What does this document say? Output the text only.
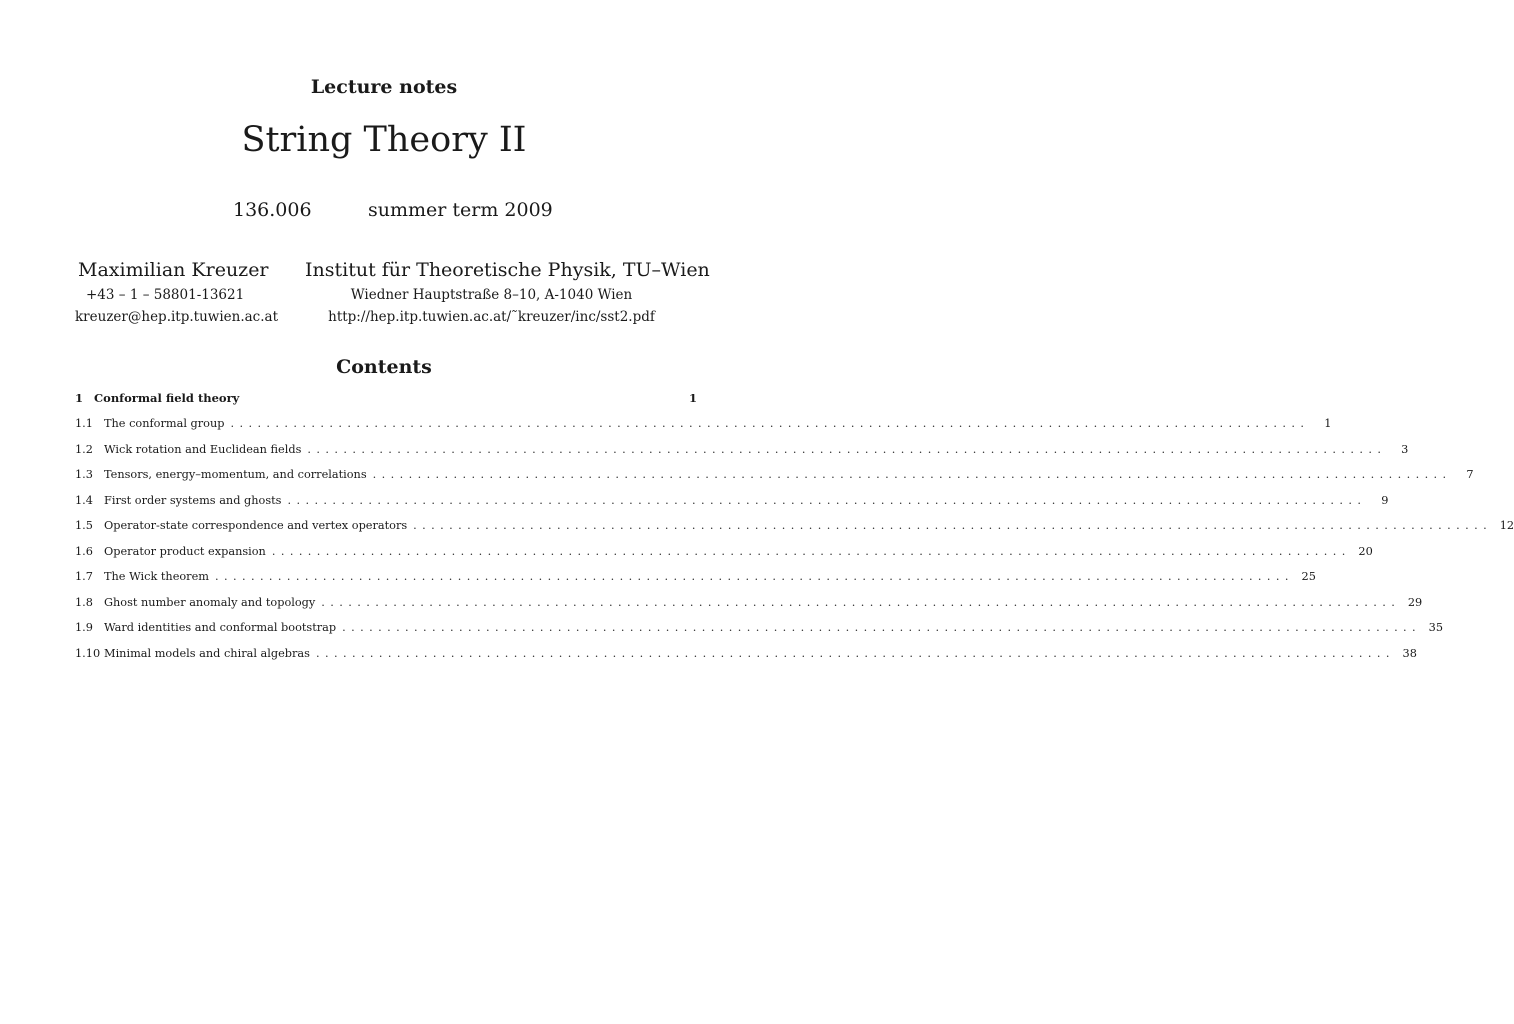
Lecture notes
String Theory II
136.006	summer term 2009
Maximilian Kreuzer
+43 – 1 – 58801-13621
kreuzer@hep.itp.tuwien.ac.at
Institut für Theoretische Physik, TU–Wien
Wiedner Hauptstraße 8–10, A-1040 Wien
http://hep.itp.tuwien.ac.at/˜kreuzer/inc/sst2.pdf
Contents
1 Conformal field theory	1
1.1 The conformal group ........................................................................................................................	1
1.2 Wick rotation and Euclidean fields ........................................................................................................................	3
1.3 Tensors, energy–momentum, and correlations ........................................................................................................................	7
1.4 First order systems and ghosts ........................................................................................................................	9
1.5 Operator-state correspondence and vertex operators ........................................................................................................................ 12
1.6 Operator product expansion ........................................................................................................................ 20
1.7 The Wick theorem ........................................................................................................................ 25
1.8 Ghost number anomaly and topology ........................................................................................................................ 29
1.9 Ward identities and conformal bootstrap ........................................................................................................................ 35
1.10 Minimal models and chiral algebras ........................................................................................................................ 38
